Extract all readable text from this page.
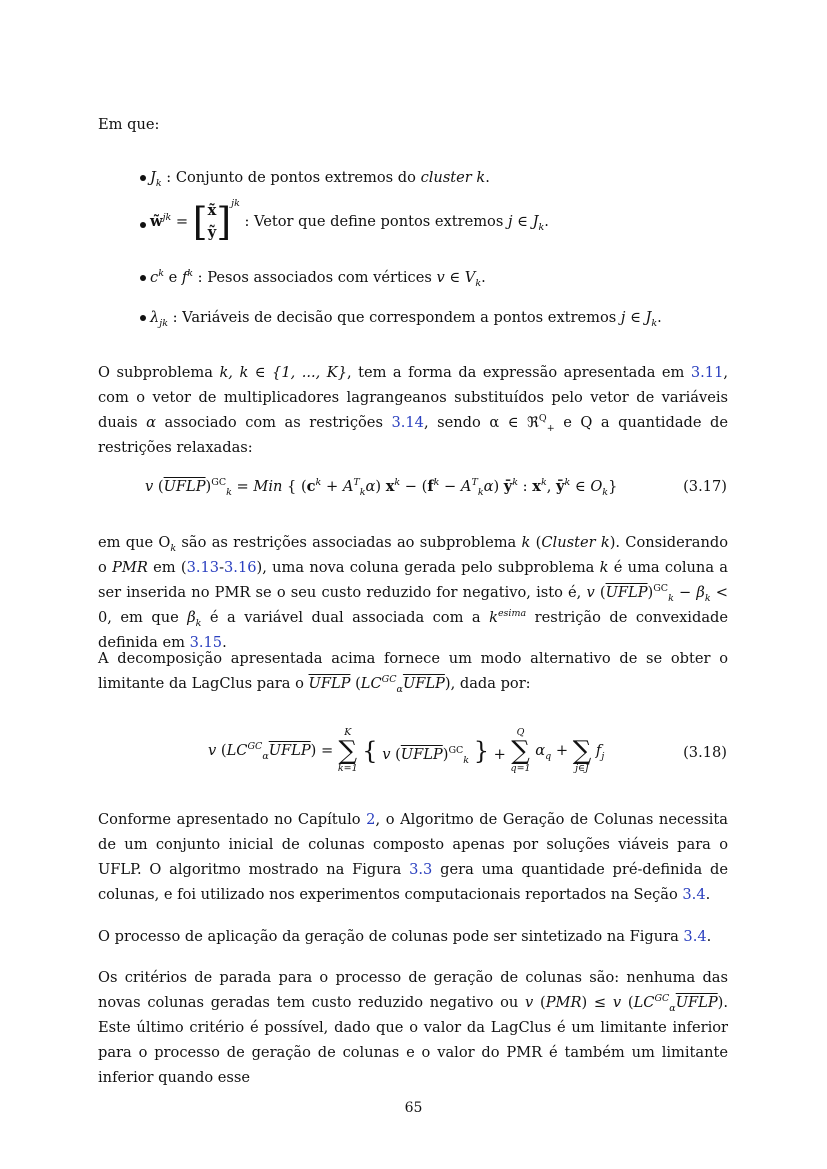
Em que:
$J_k$ : Conjunto de pontos extremos do cluster k.
w̃$^{jk}$ = [x̃
ỹ]$^{jk}$ : Vetor que define pontos extremos j ∈ $J_k$.
$c^k$ e $f^k$ : Pesos associados com vértices v ∈ $V_k$.
$\lambda_{jk}$ : Variáveis de decisão que correspondem a pontos extremos j ∈ $J_k$.

O subproblema k, k ∈ {1, ..., K}, tem a forma da expressão apresentada em 3.11, com o vetor de multiplicadores lagrangeanos substituídos pelo vetor de variáveis duais α associado com as restrições 3.14, sendo α ∈ ℜ$^Q_+$ e Q a quantidade de restrições relaxadas:

v (UFLP)$^{GC}_k$ = Min { $(c^k + A^T_k\alpha) x^k - (f^k - A^T_k\alpha)$ $ȳ^k$ : $x^k$, $ȳ^k$ ∈ $O_k$}	(3.17)

em que $O_k$ são as restrições associadas ao subproblema k (Cluster k). Considerando o PMR em (3.13-3.16), uma nova coluna gerada pelo subproblema k é uma coluna a ser inserida no PMR se o seu custo reduzido for negativo, isto é, v (UFLP)$^{GC}_k$ − $\beta_k < 0$, em que $\beta_k$ é a variável dual associada com a $k^{esima}$ restrição de convexidade definida em 3.15.

A decomposição apresentada acima fornece um modo alternativo de se obter o limitante da LagClus para o UFLP $(LC^{GC}_\alpha UFLP)$, dada por:

v $(LC^{GC}_\alpha UFLP)$ =
K
∑
k=1
{ v (UFLP)$^{GC}_k$ } +
Q
∑
q=1
$\alpha_q$ +
∑
j∈J
$f_j$	(3.18)

Conforme apresentado no Capítulo 2, o Algoritmo de Geração de Colunas necessita de um conjunto inicial de colunas composto apenas por soluções viáveis para o UFLP. O algoritmo mostrado na Figura 3.3 gera uma quantidade pré-definida de colunas, e foi utilizado nos experimentos computacionais reportados na Seção 3.4.

O processo de aplicação da geração de colunas pode ser sintetizado na Figura 3.4.

Os critérios de parada para o processo de geração de colunas são: nenhuma das novas colunas geradas tem custo reduzido negativo ou v (PMR) ≤ v $(LC^{GC}_\alpha UFLP)$. Este último critério é possível, dado que o valor da LagClus é um limitante inferior para o processo de geração de colunas e o valor do PMR é também um limitante inferior quando esse

65
